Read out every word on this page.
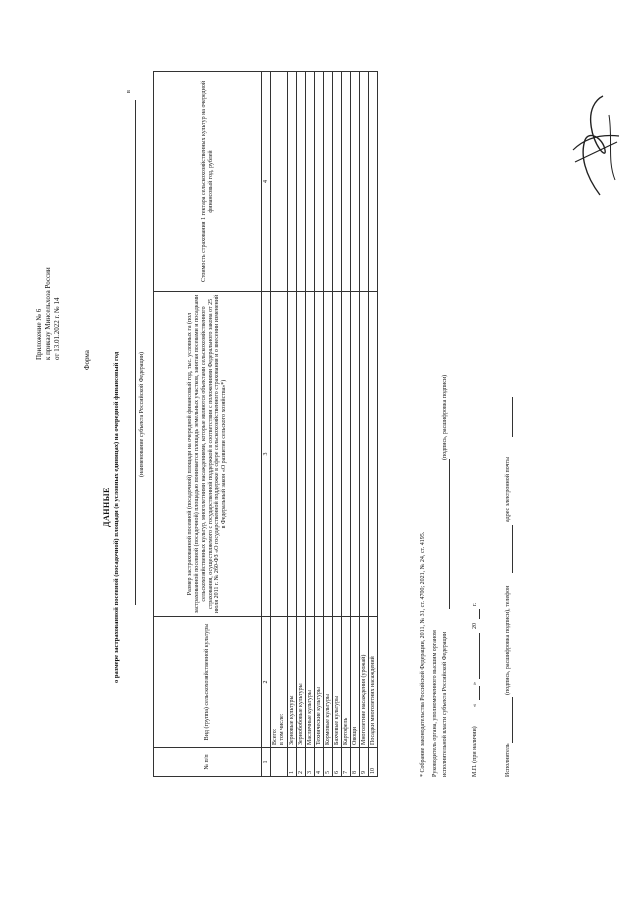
Приложение № 6 к приказу Минсельхоза России от 13.01.2022 г. № 14
Форма
ДАННЫЕ о размере застрахованной посевной (посадочной) площади (в условных единицах) на очередной финансовый год
в
(наименование субъекта Российской Федерации)
№ п/п	Вид (группа) сельскохозяйственной культуры	Размер застрахованной посевной (посадочной) площади на очередной финансовый год, тыс. условных га (пол застрахованной посевной (посадочной) площадью понимается площадь земельных участков, занятая посевами и посадками сельскохозяйственных культур, многолетними насаждениями, которые являются объектами сельскохозяйственного страхования, осуществляемого с государственной поддержкой в соответствии с положениями Федерального закона от 25 июля 2011 г. № 260-ФЗ «О государственной поддержке в сфере сельскохозяйственного страхования и о внесении изменений в Федеральный закон «О развитии сельского хозяйства»*)	Стоимость страхования 1 гектара сельскохозяйственных культур на очередной финансовый год, рублей
1	2	3	4
	Всего:
в том числе:		
1	Зерновые культуры		
2	Зернобобовые культуры		
3	Масличные культуры		
4	Технические культуры		
5	Кормовые культуры		
6	Бахчевые культуры		
7	Картофель		
8	Овощи		
9	Многолетние насаждения (урожай)		
10	Посадки многолетних насаждений			* Собрание законодательства Российской Федерации, 2011, № 31, ст. 4700; 2021, № 24, ст. 4195. Руководитель органа, уполномоченного высшим органом исполнительной власти субъекта Российской Федерации
(подпись, расшифровка подписи)
М.П. (при наличии)
«
»
20
г.
Исполнитель
(подпись, расшифровка подписи), телефон
адрес электронной почты
